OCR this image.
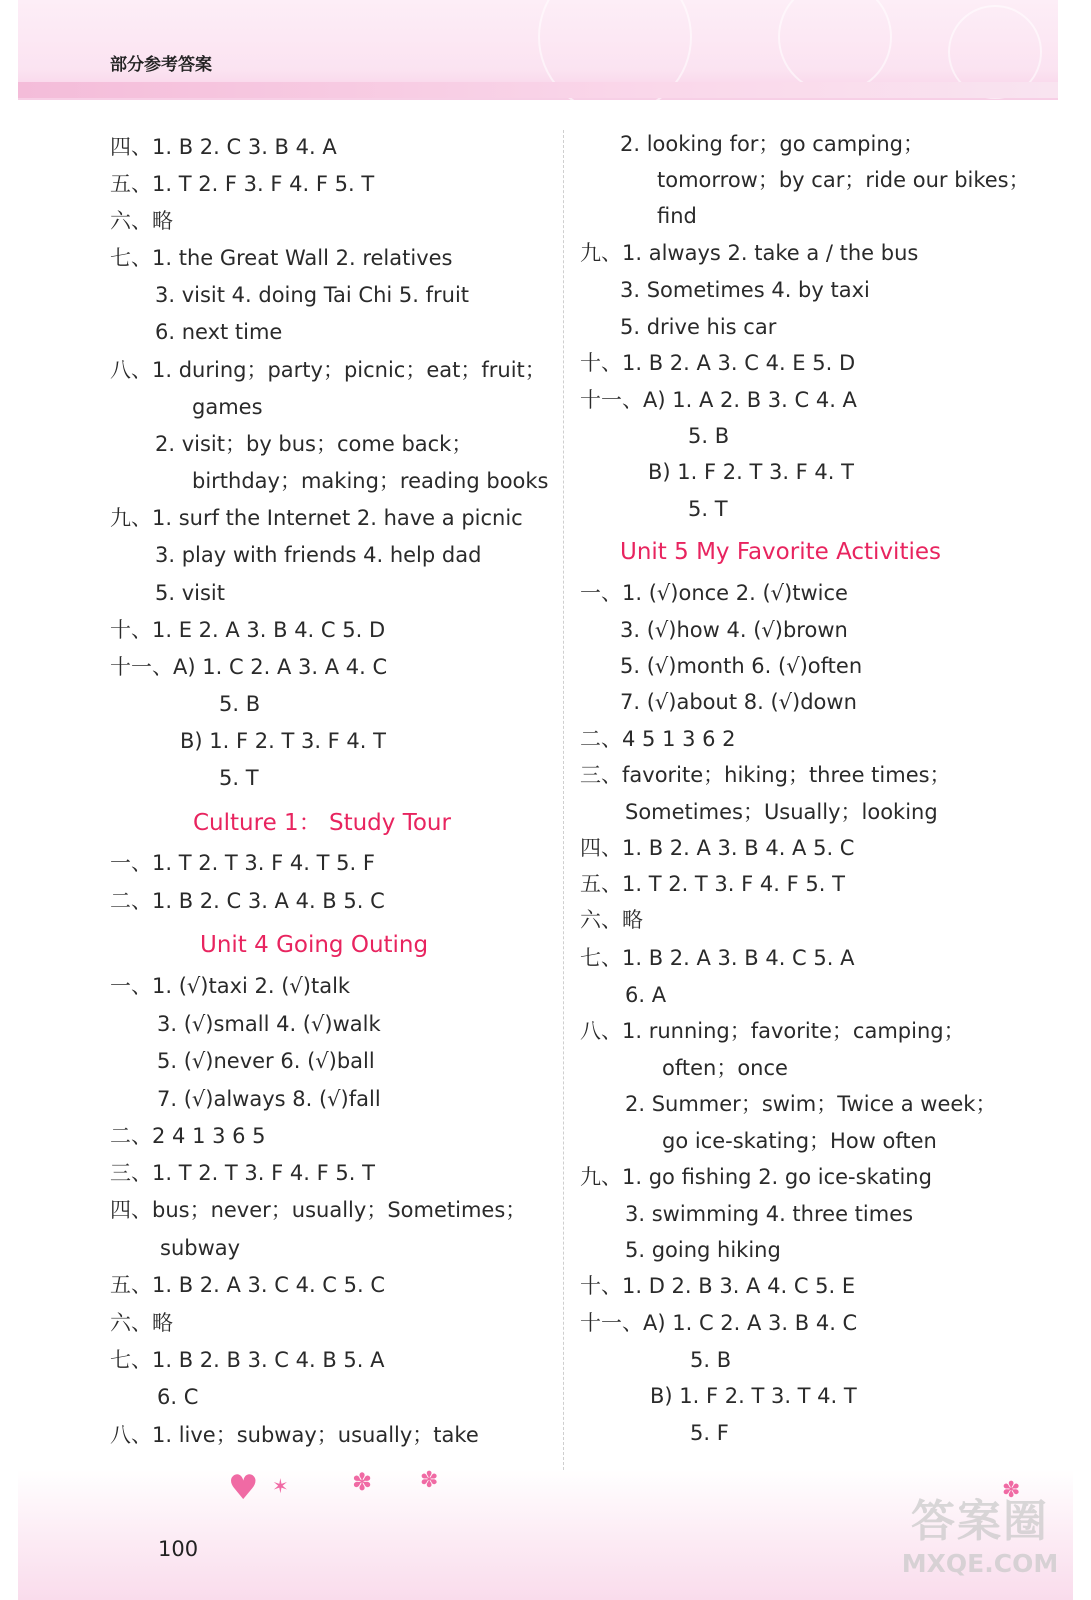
部分参考答案
四、1. B 2. C 3. B 4. A
五、1. T 2. F 3. F 4. F 5. T
六、略
七、1. the Great Wall 2. relatives
3. visit 4. doing Tai Chi 5. fruit
6. next time
八、1. during；party；picnic；eat；fruit；
games
2. visit；by bus；come back；
birthday；making；reading books
九、1. surf the Internet 2. have a picnic
3. play with friends 4. help dad
5. visit
十、1. E 2. A 3. B 4. C 5. D
十一、A) 1. C 2. A 3. A 4. C
5. B
B) 1. F 2. T 3. F 4. T
5. T
Culture 1： Study Tour
一、1. T 2. T 3. F 4. T 5. F
二、1. B 2. C 3. A 4. B 5. C
Unit 4 Going Outing
一、1. (√)taxi 2. (√)talk
3. (√)small 4. (√)walk
5. (√)never 6. (√)ball
7. (√)always 8. (√)fall
二、2 4 1 3 6 5
三、1. T 2. T 3. F 4. F 5. T
四、bus；never；usually；Sometimes；
subway
五、1. B 2. A 3. C 4. C 5. C
六、略
七、1. B 2. B 3. C 4. B 5. A
6. C
八、1. live；subway；usually；take
2. looking for；go camping；
tomorrow；by car；ride our bikes；
find
九、1. always 2. take a / the bus
3. Sometimes 4. by taxi
5. drive his car
十、1. B 2. A 3. C 4. E 5. D
十一、A) 1. A 2. B 3. C 4. A
5. B
B) 1. F 2. T 3. F 4. T
5. T
Unit 5 My Favorite Activities
一、1. (√)once 2. (√)twice
3. (√)how 4. (√)brown
5. (√)month 6. (√)often
7. (√)about 8. (√)down
二、4 5 1 3 6 2
三、favorite；hiking；three times；
Sometimes；Usually；looking
四、1. B 2. A 3. B 4. A 5. C
五、1. T 2. T 3. F 4. F 5. T
六、略
七、1. B 2. A 3. B 4. C 5. A
6. A
八、1. running；favorite；camping；
often；once
2. Summer；swim；Twice a week；
go ice-skating；How often
九、1. go fishing 2. go ice-skating
3. swimming 4. three times
5. going hiking
十、1. D 2. B 3. A 4. C 5. E
十一、A) 1. C 2. A 3. B 4. C
5. B
B) 1. F 2. T 3. T 4. T
5. F
♥ ✶	✽ ✽	✽
100
答案圈
MXQE.COM
